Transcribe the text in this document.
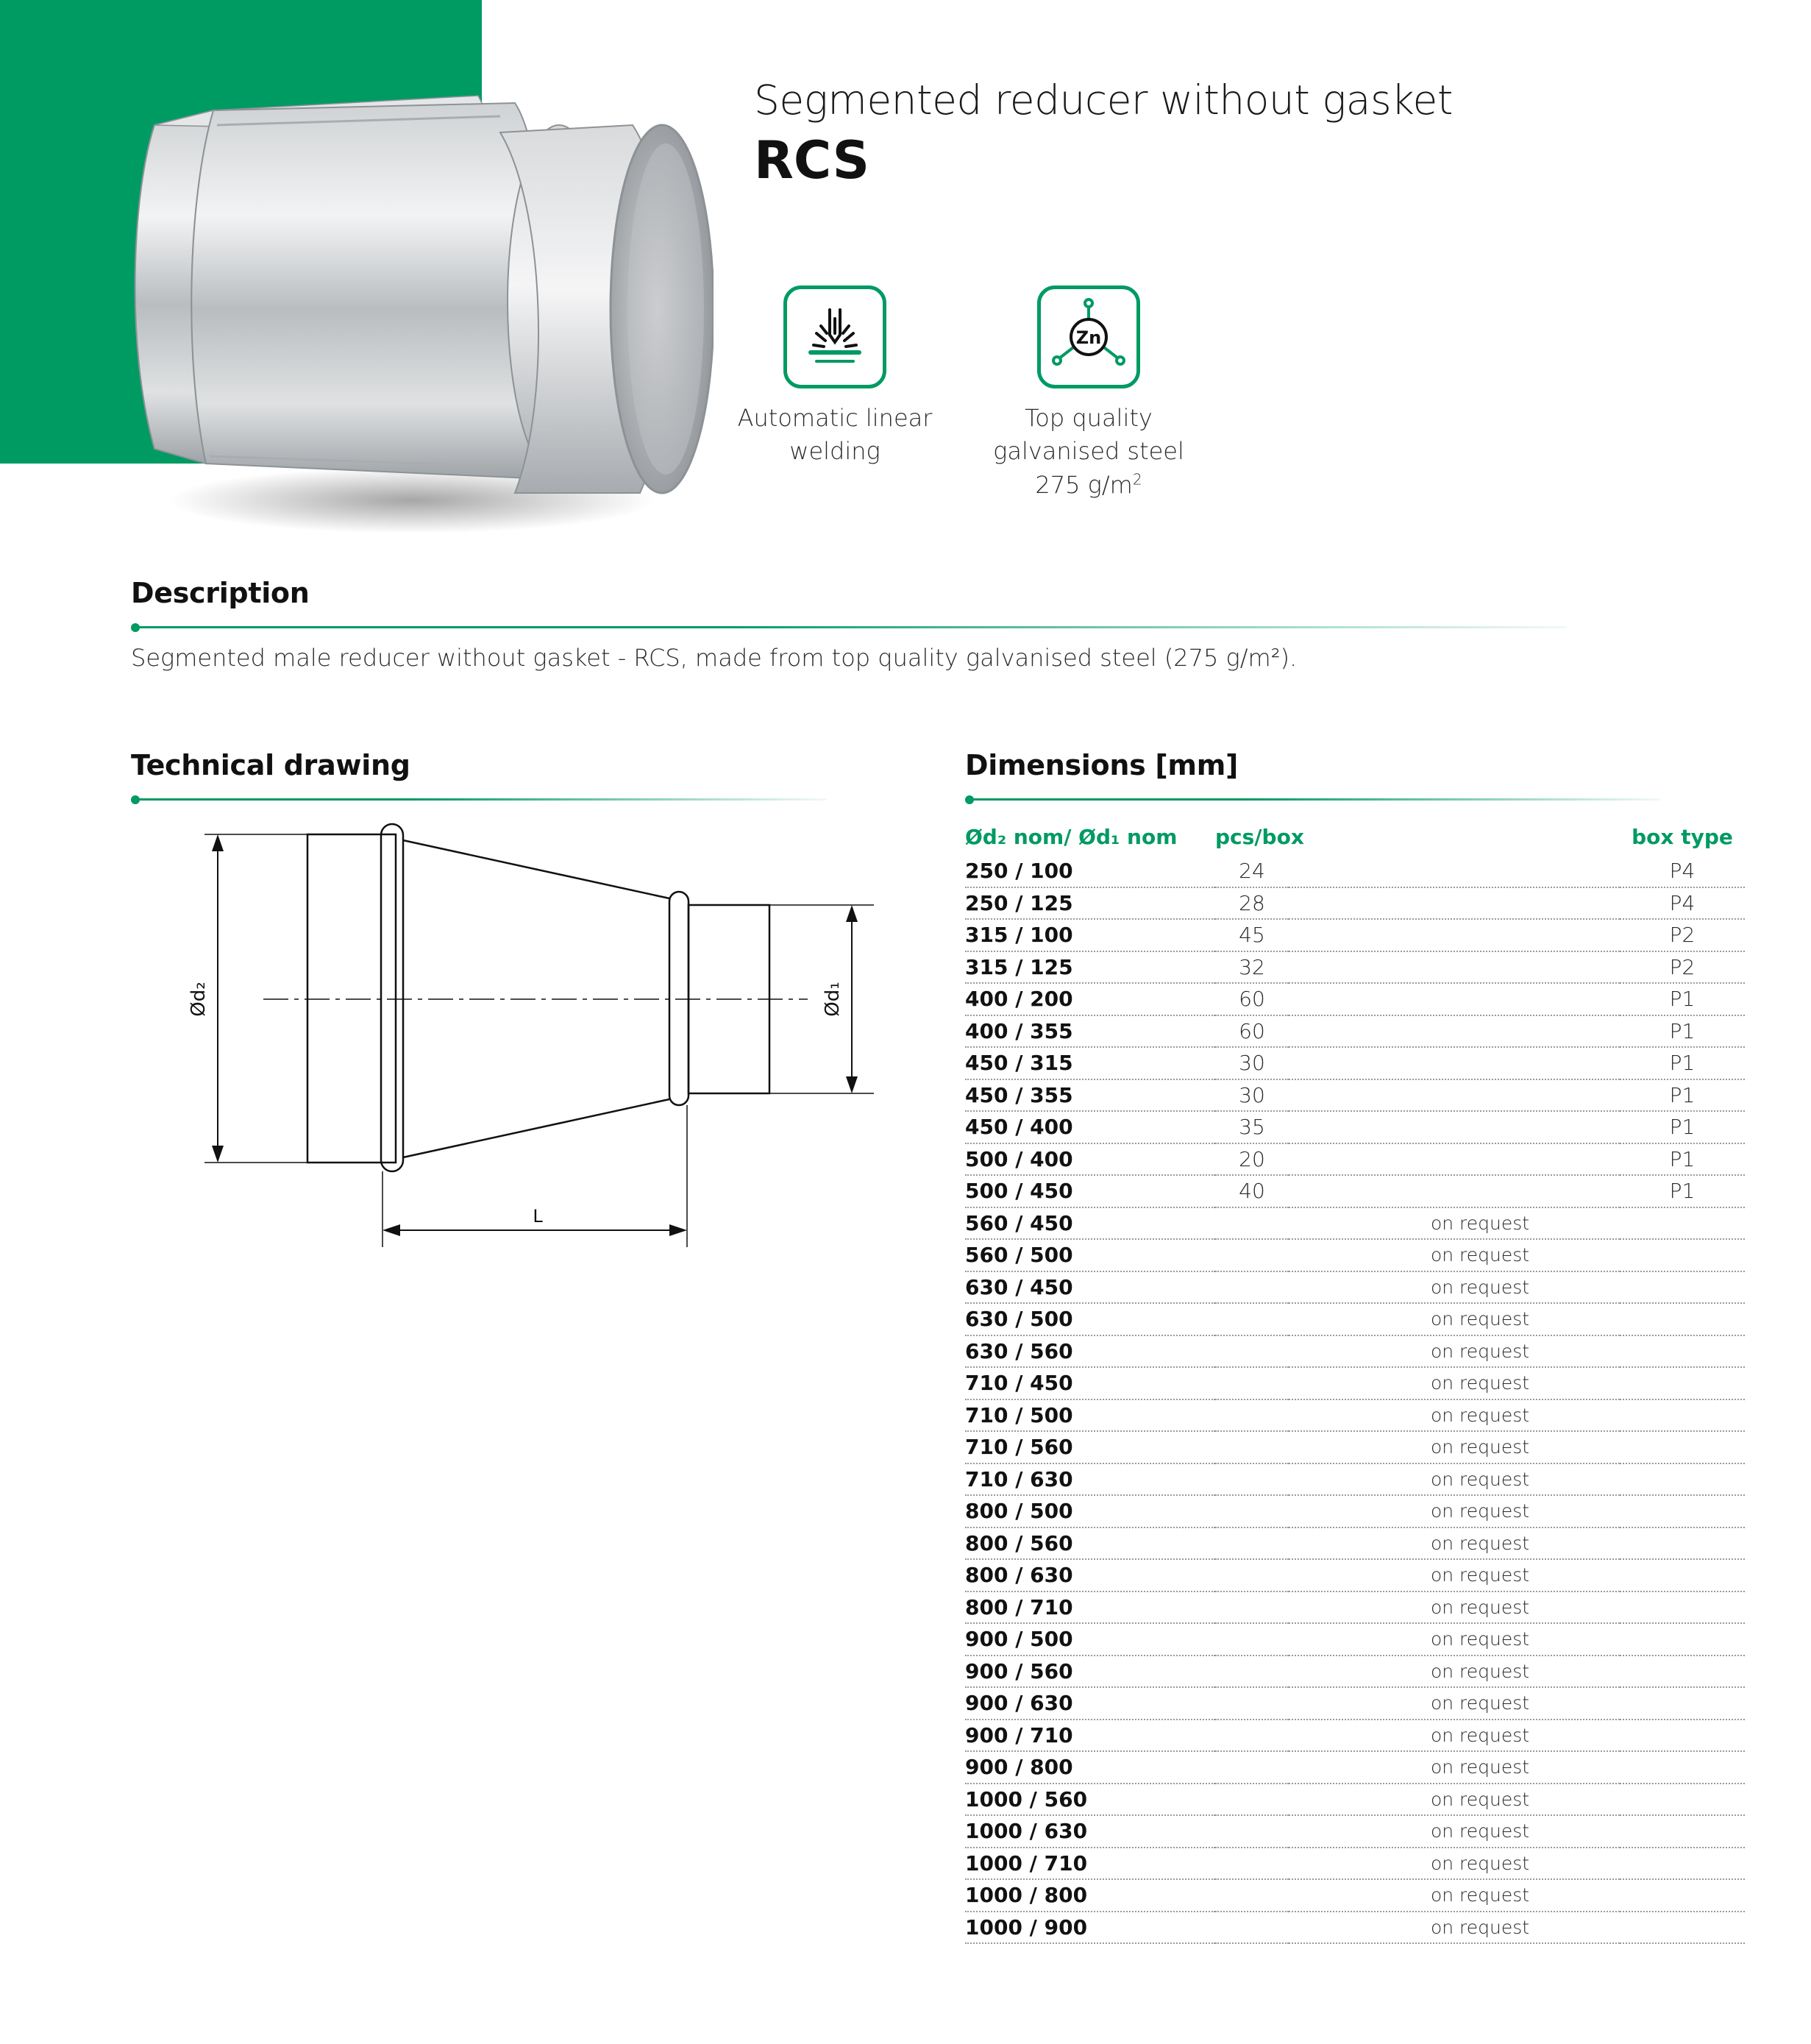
Segmented reducer without gasket
RCS
Automatic linear
welding
Zn
Top quality
galvanised steel
275 $g/m^2$
Description
Segmented male reducer without gasket - RCS, made from top quality galvanised steel (275 g/m²).
Technical drawing
Ød₂	Ød₁
L
Dimensions [mm]
Ød₂ nom/ Ød₁ nom	pcs/box		box type
250 / 100	24		P4
250 / 125	28		P4
315 / 100	45		P2
315 / 125	32		P2
400 / 200	60		P1
400 / 355	60		P1
450 / 315	30		P1
450 / 355	30		P1
450 / 400	35		P1
500 / 400	20		P1
500 / 450	40		P1
560 / 450	on request		
560 / 500	on request		
630 / 450	on request		
630 / 500	on request		
630 / 560	on request		
710 / 450	on request		
710 / 500	on request		
710 / 560	on request		
710 / 630	on request		
800 / 500	on request		
800 / 560	on request		
800 / 630	on request		
800 / 710	on request		
900 / 500	on request		
900 / 560	on request		
900 / 630	on request		
900 / 710	on request		
900 / 800	on request		
1000 / 560	on request		
1000 / 630	on request		
1000 / 710	on request		
1000 / 800	on request		
1000 / 900	on request		
